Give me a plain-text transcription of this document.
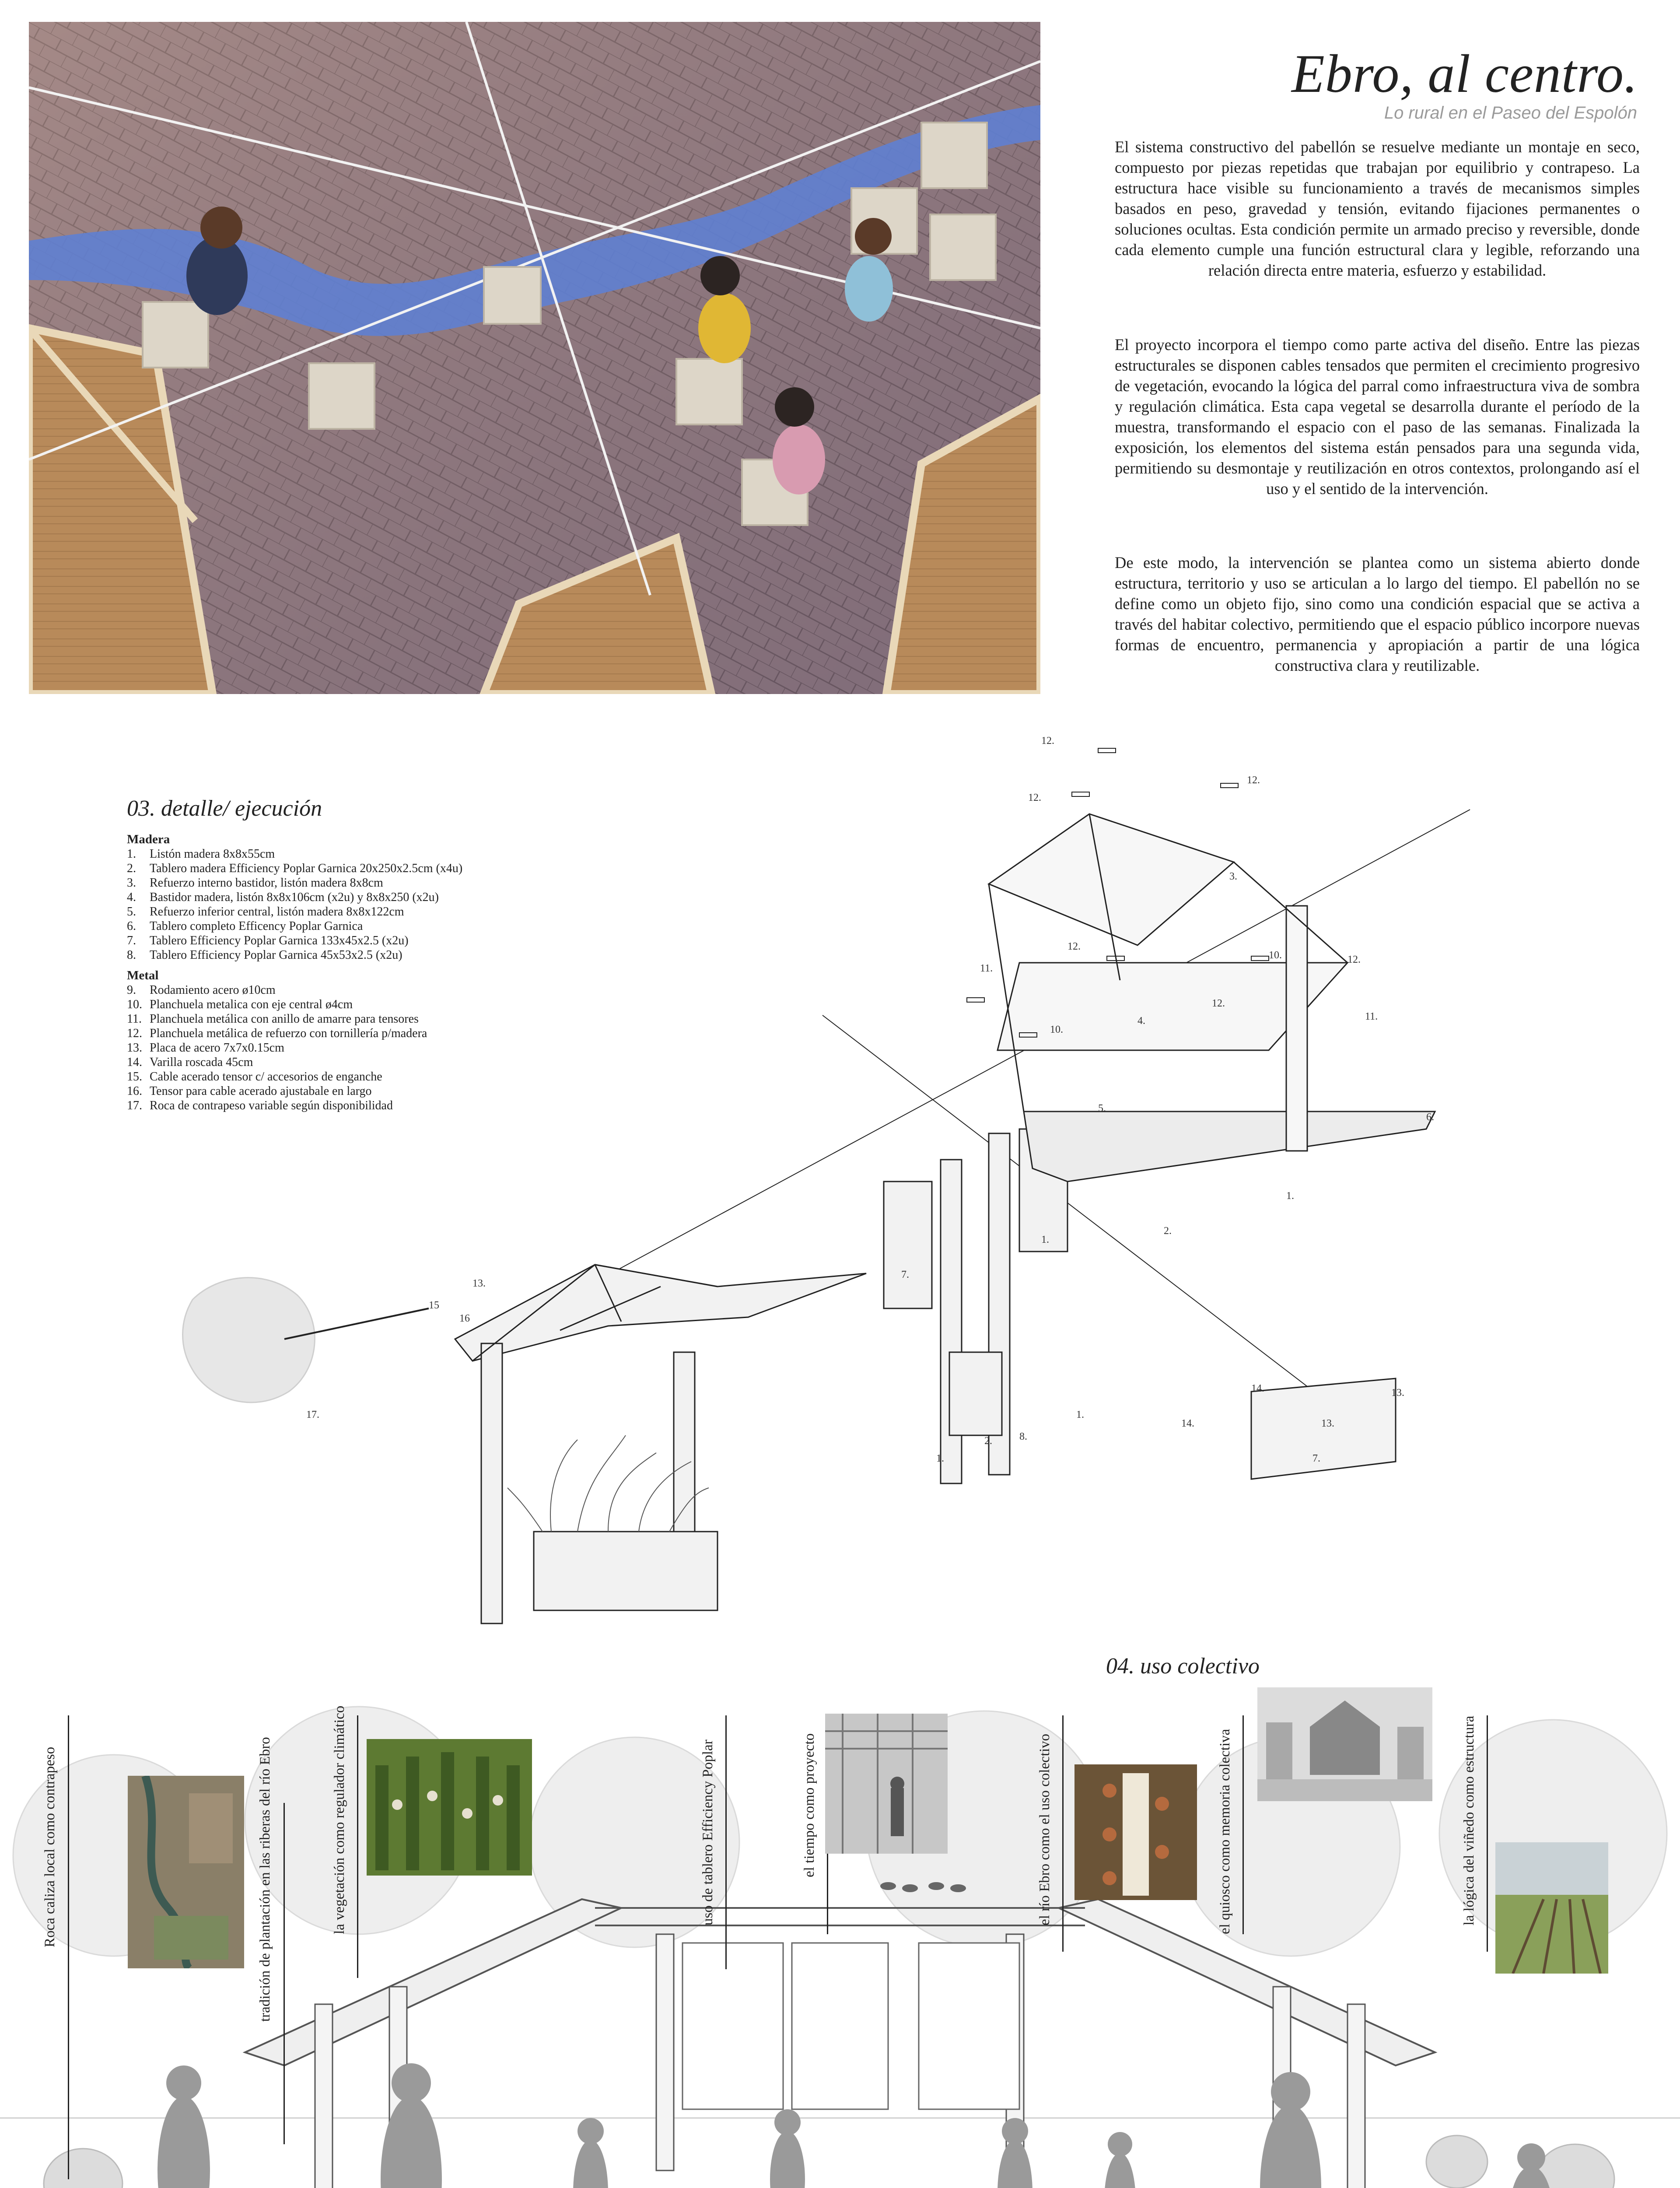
Ebro, al centro.
Lo rural en el Paseo del Espolón

El sistema constructivo del pabellón se resuelve mediante un montaje en seco, compuesto por piezas repetidas que trabajan por equilibrio y contrapeso. La estructura hace visible su funcionamiento a través de mecanismos simples basados en peso, gravedad y tensión, evitando fijaciones permanentes o soluciones ocultas. Esta condición permite un armado preciso y reversible, donde cada elemento cumple una función estructural clara y legible, reforzando una relación directa entre materia, esfuerzo y estabilidad.

El proyecto incorpora el tiempo como parte activa del diseño. Entre las piezas estructurales se disponen cables tensados que permiten el crecimiento progresivo de vegetación, evocando la lógica del parral como infraestructura viva de sombra y regulación climática. Esta capa vegetal se desarrolla durante el período de la muestra, transformando el espacio con el paso de las semanas. Finalizada la exposición, los elementos del sistema están pensados para una segunda vida, permitiendo su desmontaje y reutilización en otros contextos, prolongando así el uso y el sentido de la intervención.

De este modo, la intervención se plantea como un sistema abierto donde estructura, territorio y uso se articulan a lo largo del tiempo. El pabellón no se define como un objeto fijo, sino como una condición espacial que se activa a través del habitar colectivo, permitiendo que el espacio público incorpore nuevas formas de encuentro, permanencia y apropiación a partir de una lógica constructiva clara y reutilizable.

03. detalle/ ejecución
Madera
1.	Listón madera 8x8x55cm
2.	Tablero madera Efficiency Poplar Garnica 20x250x2.5cm (x4u)
3.	Refuerzo interno bastidor, listón madera 8x8cm
4.	Bastidor madera, listón 8x8x106cm (x2u) y 8x8x250 (x2u)
5.	Refuerzo inferior central, listón madera 8x8x122cm
6.	Tablero completo Efficency Poplar Garnica
7.	Tablero Efficiency Poplar Garnica 133x45x2.5 (x2u)
8.	Tablero Efficiency Poplar Garnica 45x53x2.5 (x2u)
Metal
9.	Rodamiento acero ø10cm
10. Planchuela metalica con eje central ø4cm
11. Planchuela metálica con anillo de amarre para tensores
12. Planchuela metálica de refuerzo con tornillería p/madera
13. Placa de acero 7x7x0.15cm
14. Varilla roscada 45cm
15. Cable acerado tensor c/ accesorios de enganche
16. Tensor para cable acerado ajustabale en largo
17. Roca de contrapeso variable según disponibilidad
12.
12.
12.
12.
3.
10.	12.
11.
11.
12.
4.
10.
5.
6.
1.
2.
1.
7.
2.	8.
1.
14.
14.
7.
13.
13.
1.
15
16
13.
17.
04. uso colectivo
Roca caliza local como contrapeso	tradición de plantación en las riberas del río Ebro	la vegetación como regulador climático	uso de tablero Efficiency Poplar	el tiempo como proyecto	el río Ebro como el uso colectivo	el quiosco como memoria colectiva	la lógica del viñedo como estructura
